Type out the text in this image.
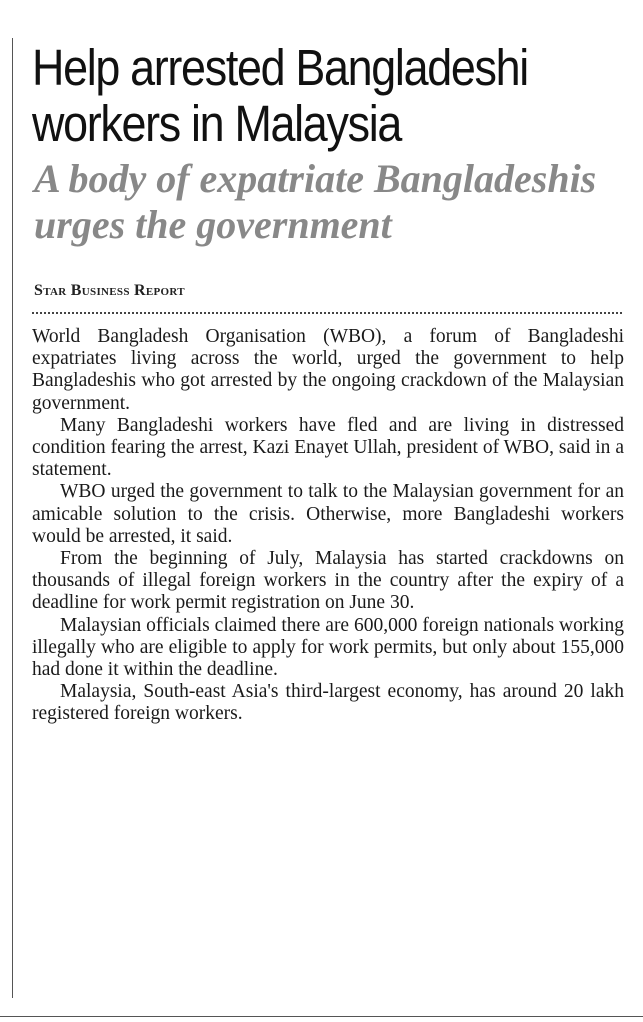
Help arrested Bangladeshi workers in Malaysia
A body of expatriate Bangladeshis urges the government
Star Business Report

World Bangladesh Organisation (WBO), a forum of Bangladeshi expatriates living across the world, urged the government to help Bangladeshis who got arrested by the ongoing crackdown of the Malaysian government.

Many Bangladeshi workers have fled and are living in distressed condition fearing the arrest, Kazi Enayet Ullah, president of WBO, said in a statement.

WBO urged the government to talk to the Malaysian government for an amicable solution to the crisis. Otherwise, more Bangladeshi workers would be arrested, it said.

From the beginning of July, Malaysia has started crackdowns on thousands of illegal foreign workers in the country after the expiry of a deadline for work permit registration on June 30.

Malaysian officials claimed there are 600,000 foreign nationals working illegally who are eligible to apply for work permits, but only about 155,000 had done it within the deadline.

Malaysia, South-east Asia's third-largest economy, has around 20 lakh registered foreign workers.
